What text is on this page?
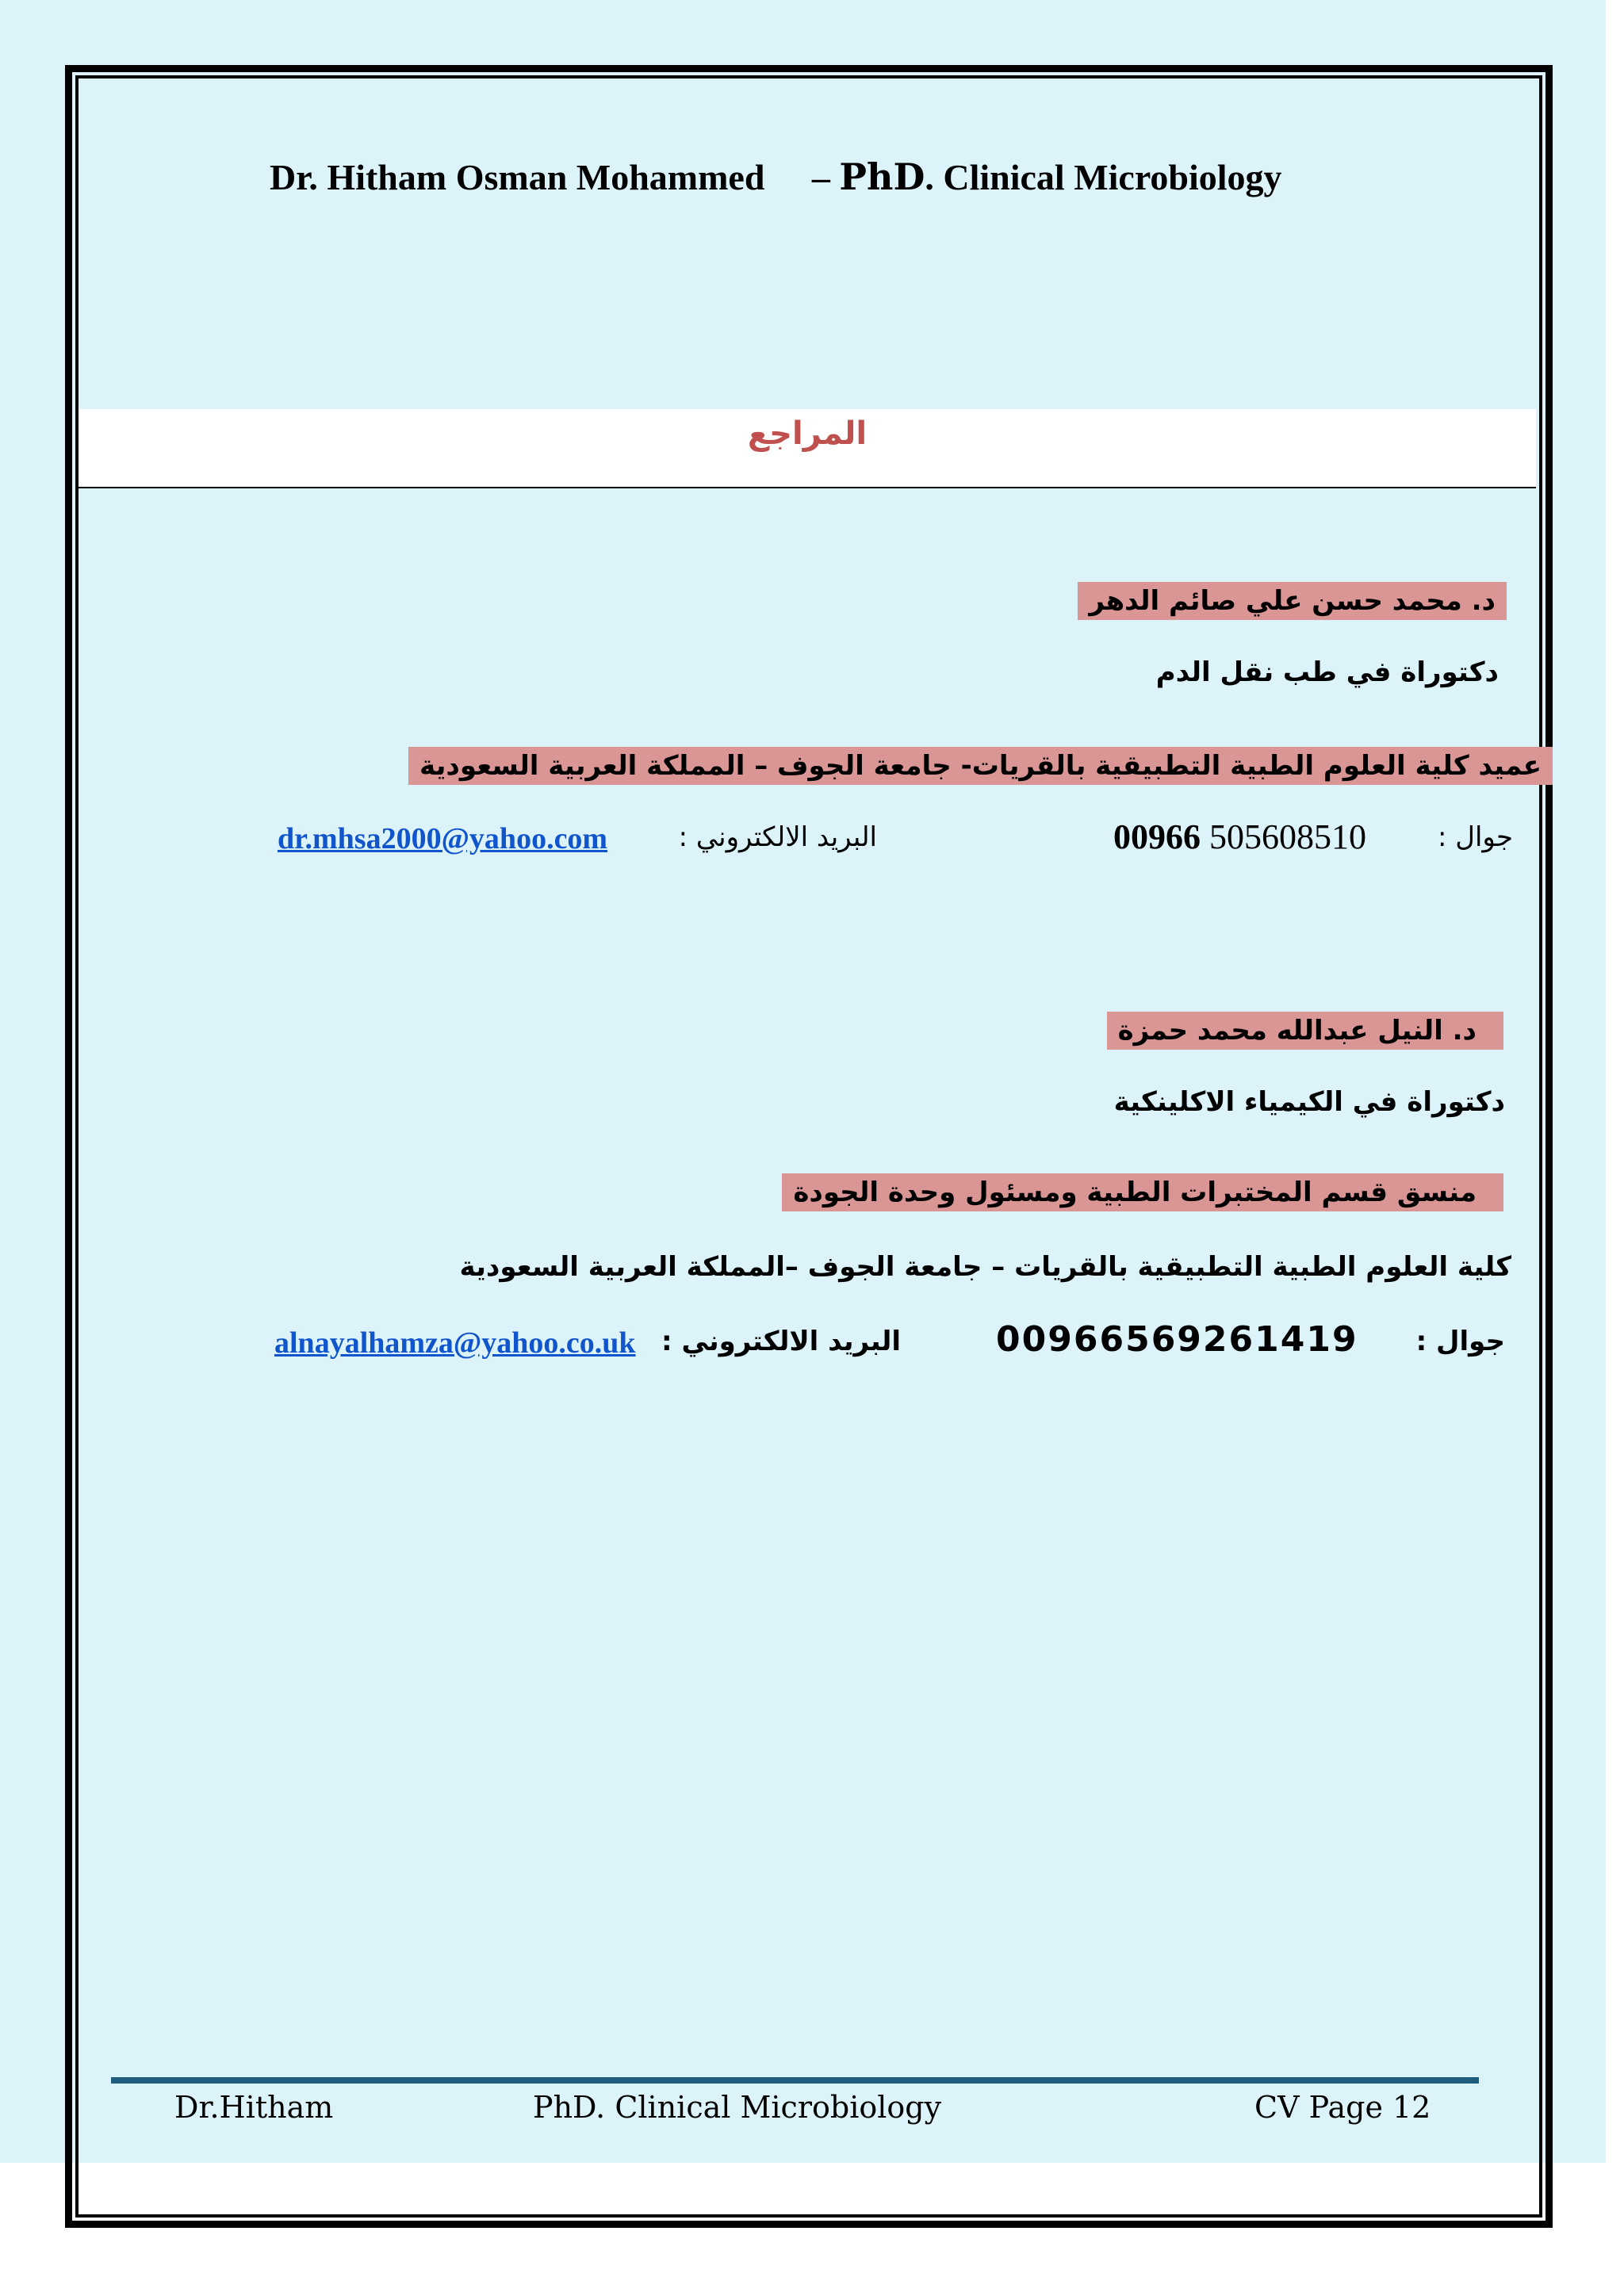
Dr. Hitham Osman Mohammed – PhD. Clinical Microbiology
المراجع
د. محمد حسن علي صائم الدهر
دكتوراة في طب نقل الدم
عميد كلية العلوم الطبية التطبيقية بالقريات- جامعة الجوف – المملكة العربية السعودية
جوال :
00966 505608510
البريد الالكتروني :
dr.mhsa2000@yahoo.com
د. النيل عبدالله محمد حمزة
دكتوراة في الكيمياء الاكلينكية
منسق قسم المختبرات الطبية ومسئول وحدة الجودة
كلية العلوم الطبية التطبيقية بالقريات – جامعة الجوف –المملكة العربية السعودية
جوال :
00966569261419
البريد الالكتروني :
alnayalhamza@yahoo.co.uk
Dr.Hitham	PhD. Clinical Microbiology	CV Page 12
